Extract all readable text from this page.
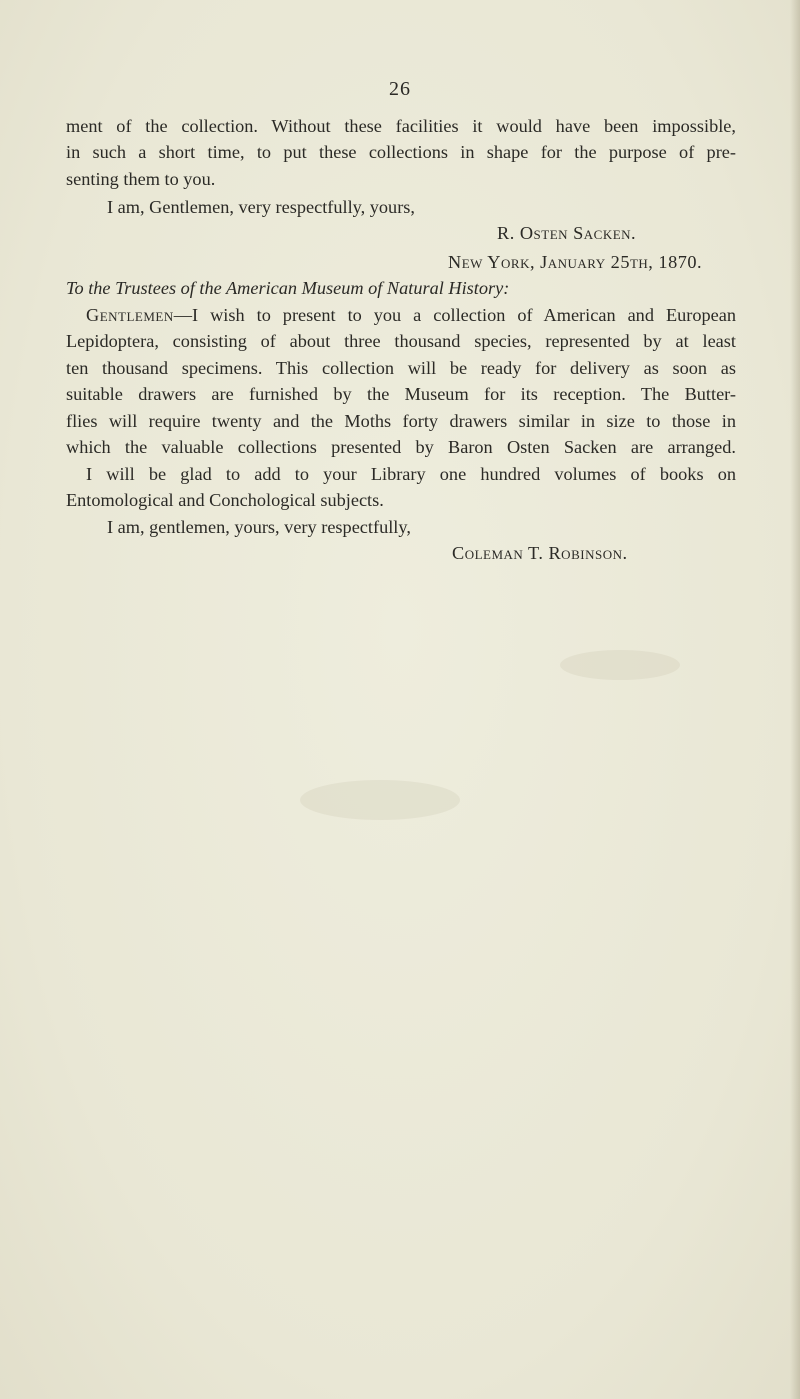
26
ment of the collection. Without these facilities it would have been impossible,
in such a short time, to put these collections in shape for the purpose of pre-
senting them to you.
I am, Gentlemen, very respectfully, yours,
R. Osten Sacken.
New York, January 25th, 1870.
To the Trustees of the American Museum of Natural History:
Gentlemen—I wish to present to you a collection of American and European
Lepidoptera, consisting of about three thousand species, represented by at least
ten thousand specimens. This collection will be ready for delivery as soon as
suitable drawers are furnished by the Museum for its reception. The Butter-
flies will require twenty and the Moths forty drawers similar in size to those in
which the valuable collections presented by Baron Osten Sacken are arranged.
I will be glad to add to your Library one hundred volumes of books on
Entomological and Conchological subjects.
I am, gentlemen, yours, very respectfully,
Coleman T. Robinson.
